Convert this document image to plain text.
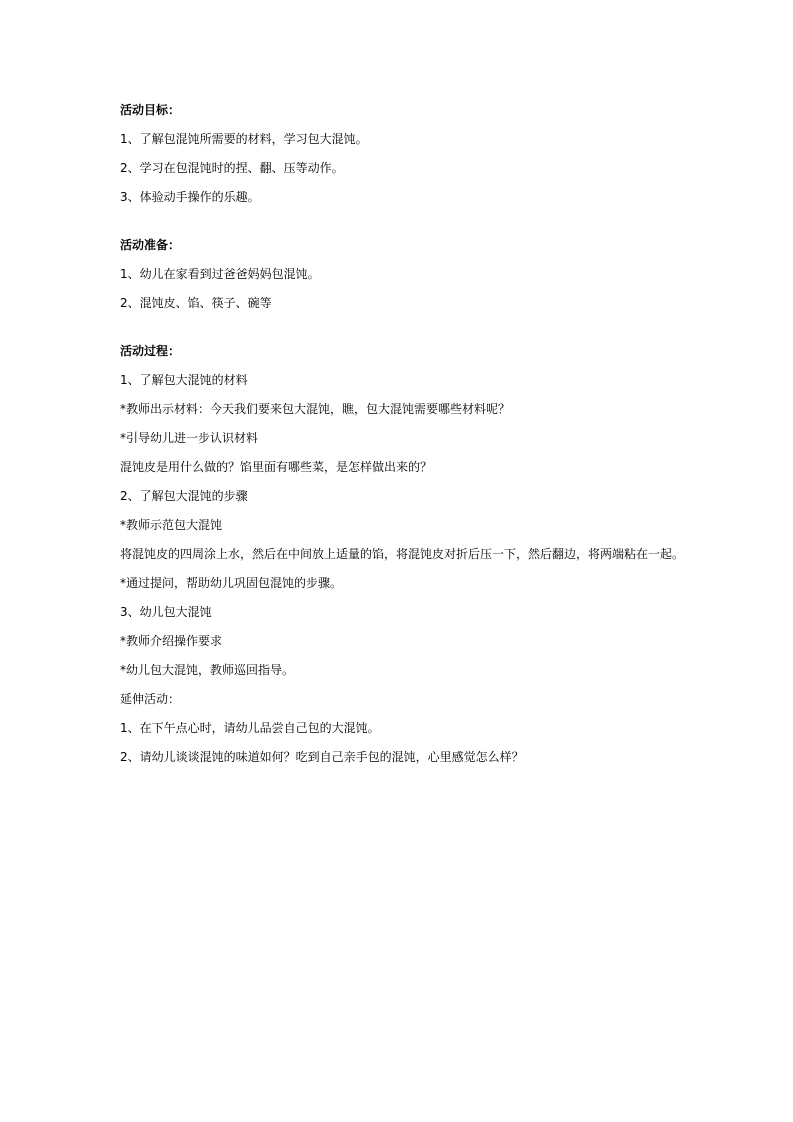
活动目标：
1、了解包混饨所需要的材料，学习包大混饨。
2、学习在包混饨时的捏、翻、压等动作。
3、体验动手操作的乐趣。
活动准备：
1、幼儿在家看到过爸爸妈妈包混饨。
2、混饨皮、馅、筷子、碗等
活动过程：
1、了解包大混饨的材料
*教师出示材料：今天我们要来包大混饨，瞧，包大混饨需要哪些材料呢？
*引导幼儿进一步认识材料
混饨皮是用什么做的？馅里面有哪些菜，是怎样做出来的？
2、了解包大混饨的步骤
*教师示范包大混饨
将混饨皮的四周涂上水，然后在中间放上适量的馅，将混饨皮对折后压一下，然后翻边，将两端粘在一起。
*通过提问，帮助幼儿巩固包混饨的步骤。
3、幼儿包大混饨
*教师介绍操作要求
*幼儿包大混饨，教师巡回指导。
延伸活动：
1、在下午点心时，请幼儿品尝自己包的大混饨。
2、请幼儿谈谈混饨的味道如何？吃到自己亲手包的混饨，心里感觉怎么样？
